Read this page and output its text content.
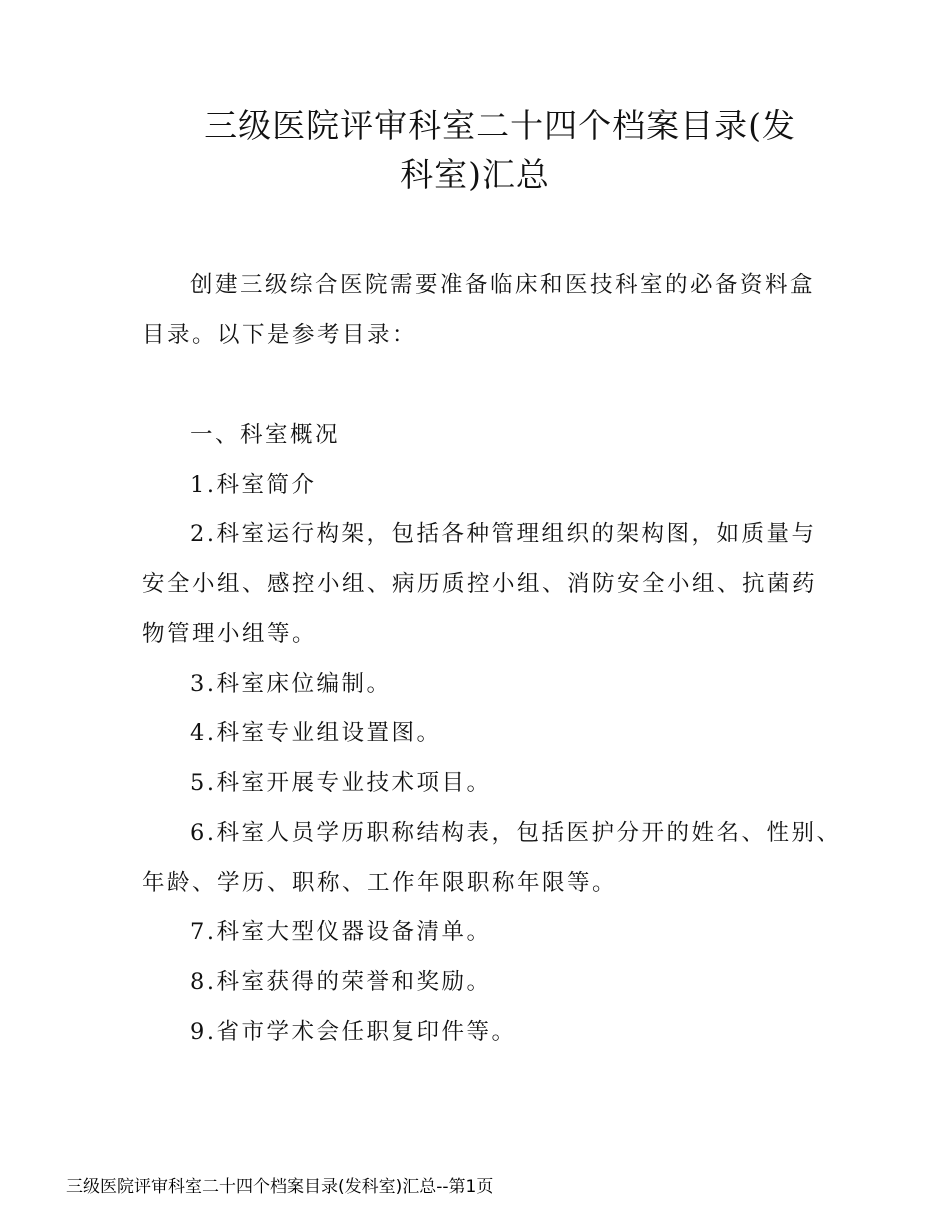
三级医院评审科室二十四个档案目录(发
科室)汇总
创建三级综合医院需要准备临床和医技科室的必备资料盒
目录。以下是参考目录：
一、科室概况
1.科室简介
2.科室运行构架，包括各种管理组织的架构图，如质量与
安全小组、感控小组、病历质控小组、消防安全小组、抗菌药
物管理小组等。
3.科室床位编制。
4.科室专业组设置图。
5.科室开展专业技术项目。
6.科室人员学历职称结构表，包括医护分开的姓名、性别、
年龄、学历、职称、工作年限职称年限等。
7.科室大型仪器设备清单。
8.科室获得的荣誉和奖励。
9.省市学术会任职复印件等。
三级医院评审科室二十四个档案目录(发科室)汇总--第1页
